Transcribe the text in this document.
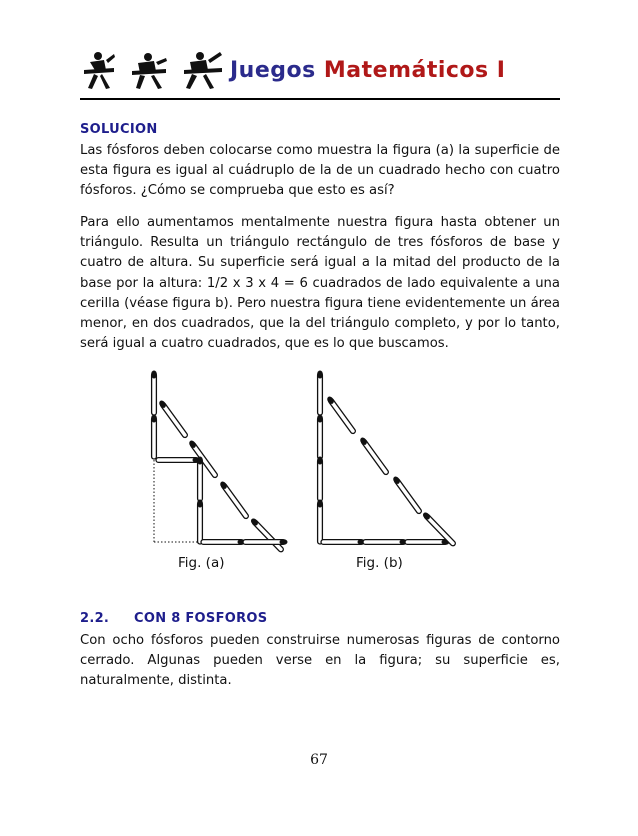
Juegos Matemáticos I
SOLUCION
Las fósforos deben colocarse como muestra la figura (a) la superficie de esta figura es igual al cuádruplo de la de un cuadrado hecho con cuatro fósforos. ¿Cómo se comprueba que esto es así?
Para ello aumentamos mentalmente nuestra figura hasta obtener un triángulo. Resulta un triángulo rectángulo de tres fósforos de base y cuatro de altura. Su superficie será igual a la mitad del producto de la base por la altura: 1/2 x 3 x 4 = 6 cuadrados de lado equivalente a una cerilla (véase figura b). Pero nuestra figura tiene evidentemente un área menor, en dos cuadrados, que la del triángulo completo, y por lo tanto, será igual a cuatro cuadrados, que es lo que buscamos.
Fig. (a)	Fig. (b)
2.2. CON 8 FOSFOROS
Con ocho fósforos pueden construirse numerosas figuras de contorno cerrado. Algunas pueden verse en la figura; su superficie es, naturalmente, distinta.
67
